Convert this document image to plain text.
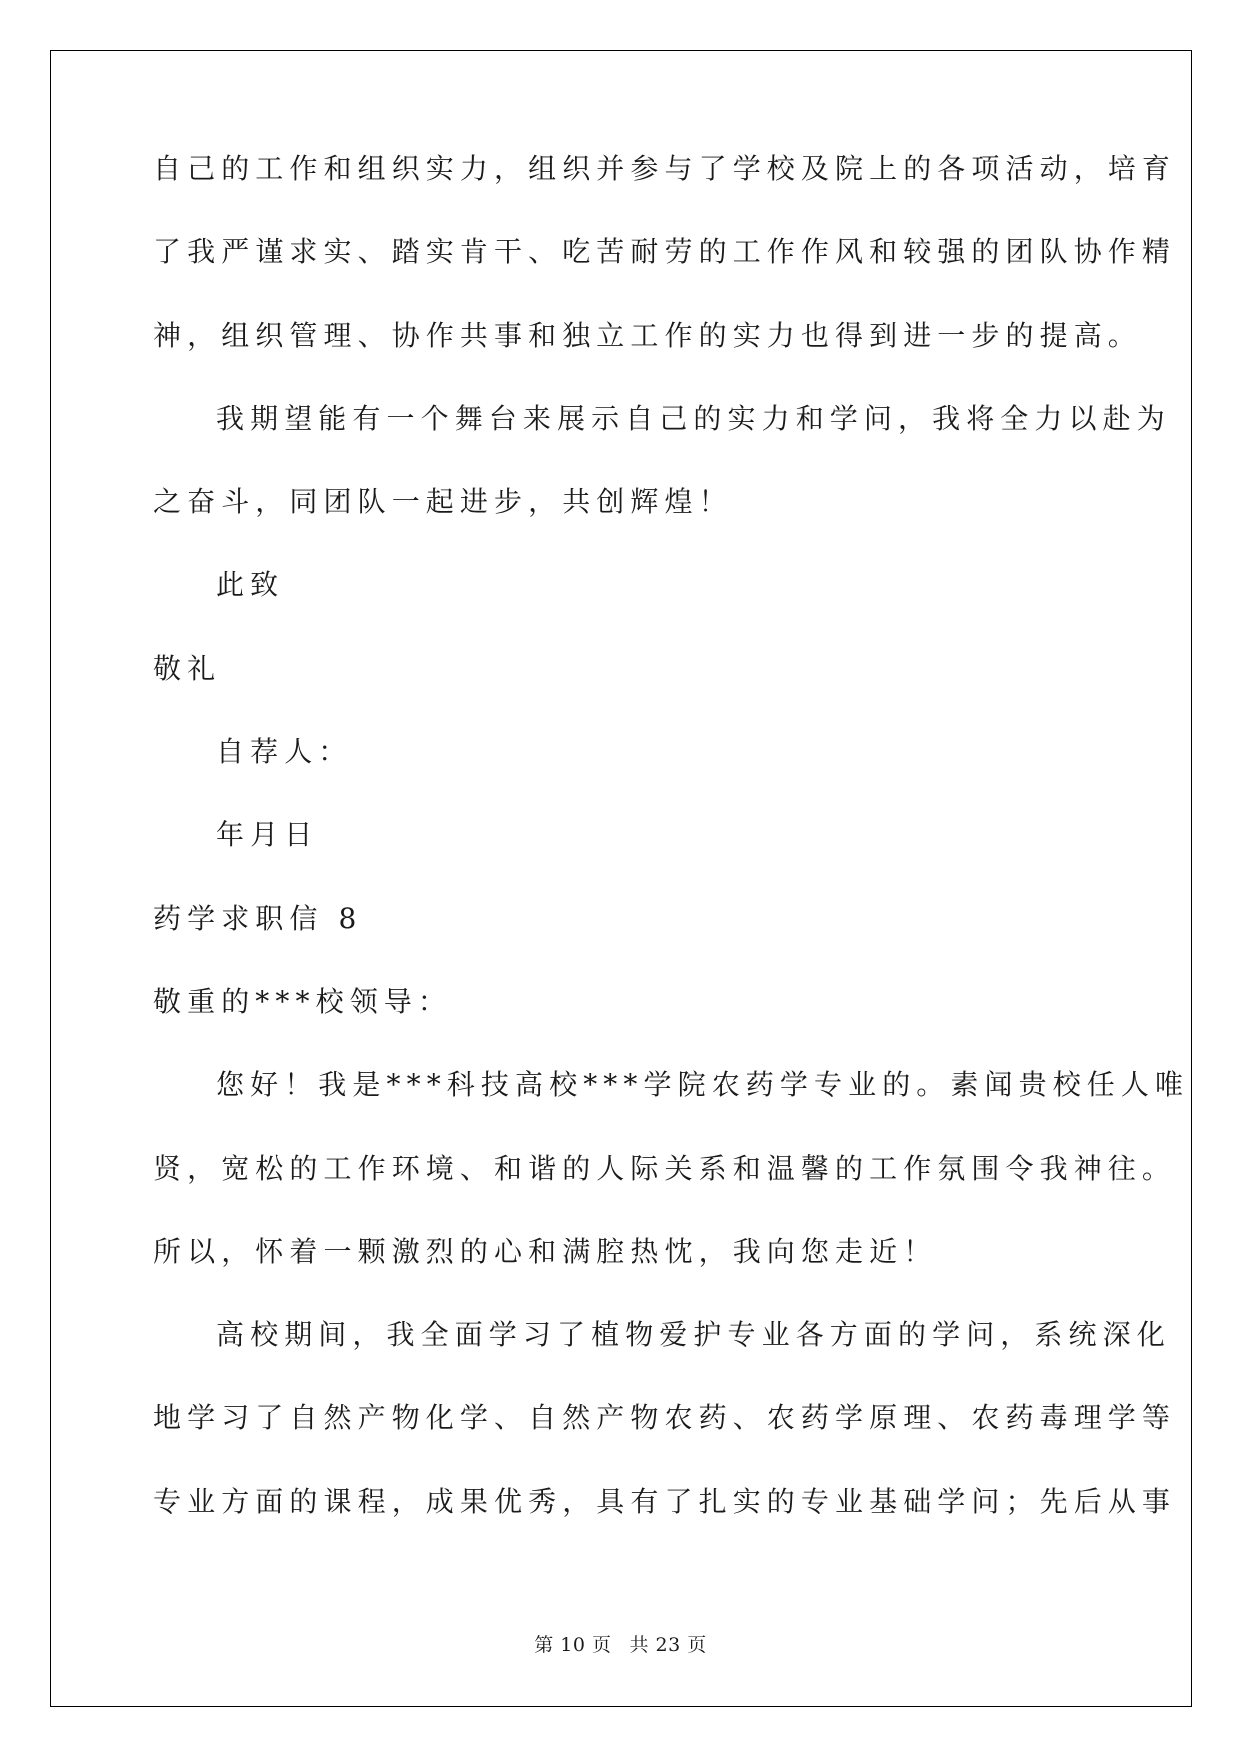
自己的工作和组织实力，组织并参与了学校及院上的各项活动，培育
了我严谨求实、踏实肯干、吃苦耐劳的工作作风和较强的团队协作精
神，组织管理、协作共事和独立工作的实力也得到进一步的提高。
我期望能有一个舞台来展示自己的实力和学问，我将全力以赴为
之奋斗，同团队一起进步，共创辉煌！
此致
敬礼
自荐人：
年月日
药学求职信 8
敬重的***校领导：
您好！我是***科技高校***学院农药学专业的。素闻贵校任人唯
贤，宽松的工作环境、和谐的人际关系和温馨的工作氛围令我神往。
所以，怀着一颗激烈的心和满腔热忱，我向您走近！
高校期间，我全面学习了植物爱护专业各方面的学问，系统深化
地学习了自然产物化学、自然产物农药、农药学原理、农药毒理学等
专业方面的课程，成果优秀，具有了扎实的专业基础学问；先后从事
第 10 页 共 23 页
